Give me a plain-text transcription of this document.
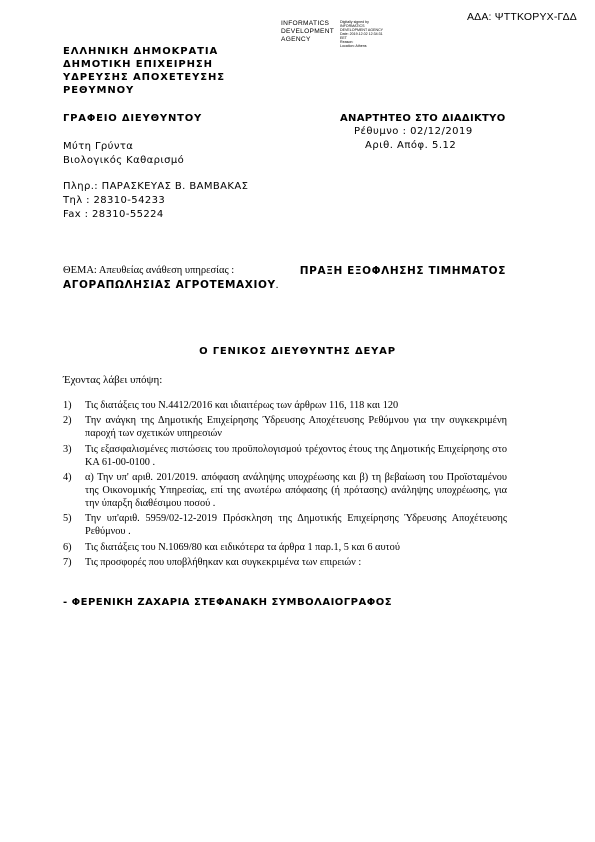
ΑΔΑ: ΨΤΤΚΟΡΥΧ-ΓΔΔ
INFORMATICS
DEVELOPMENT
AGENCY
Digitally signed by
INFORMATICS
DEVELOPMENT AGENCY
Date: 2019.12.02 12:34:31
EET
Reason:
Location: Athens
ΕΛΛΗΝΙΚΗ ΔΗΜΟΚΡΑΤΙΑ
ΔΗΜΟΤΙΚΗ ΕΠΙΧΕΙΡΗΣΗ
ΥΔΡΕΥΣΗΣ ΑΠΟΧΕΤΕΥΣΗΣ
ΡΕΘΥΜΝΟΥ
ΓΡΑΦΕΙΟ ΔΙΕΥΘΥΝΤΟΥ	ΑΝΑΡΤΗΤΕΟ ΣΤΟ ΔΙΑΔΙΚΤΥΟ
Ρέθυμνο : 02/12/2019
Αριθ. Απόφ. 5.12
Μύτη Γρύντα
Βιολογικός Καθαρισμό
Πληρ.: ΠΑΡΑΣΚΕΥΑΣ Β. ΒΑΜΒΑΚΑΣ
Τηλ : 28310-54233
Fax : 28310-55224
ΘΕΜΑ: Απευθείας ανάθεση υπηρεσίας :	ΠΡΑΞΗ ΕΞΟΦΛΗΣΗΣ ΤΙΜΗΜΑΤΟΣ
ΑΓΟΡΑΠΩΛΗΣΙΑΣ ΑΓΡΟΤΕΜΑΧΙΟΥ.
Ο ΓΕΝΙΚΟΣ ΔΙΕΥΘΥΝΤΗΣ ΔΕΥΑΡ
Έχοντας λάβει υπόψη:
1) Τις διατάξεις του Ν.4412/2016 και ιδιαιτέρως των άρθρων 116, 118 και 120
2) Την ανάγκη της Δημοτικής Επιχείρησης Ύδρευσης Αποχέτευσης Ρεθύμνου για την συγκεκριμένη παροχή των σχετικών υπηρεσιών
3) Τις εξασφαλισμένες πιστώσεις του προϋπολογισμού τρέχοντος έτους της Δημοτικής Επιχείρησης στο ΚΑ 61-00-0100 .
4) α) Την υπ' αριθ. 201/2019. απόφαση ανάληψης υποχρέωσης και β) τη βεβαίωση του Προϊσταμένου της Οικονομικής Υπηρεσίας, επί της ανωτέρω απόφασης (ή πρότασης) ανάληψης υποχρέωσης, για την ύπαρξη διαθέσιμου ποσού .
5) Την υπ'αριθ. 5959/02-12-2019 Πρόσκληση της Δημοτικής Επιχείρησης Ύδρευσης Αποχέτευσης Ρεθύμνου .
6) Τις διατάξεις του Ν.1069/80 και ειδικότερα τα άρθρα 1 παρ.1, 5 και 6 αυτού
7) Τις προσφορές που υποβλήθηκαν και συγκεκριμένα των επιρειών :
- ΦΕΡΕΝΙΚΗ ΖΑΧΑΡΙΑ ΣΤΕΦΑΝΑΚΗ ΣΥΜΒΟΛΑΙΟΓΡΑΦΟΣ
